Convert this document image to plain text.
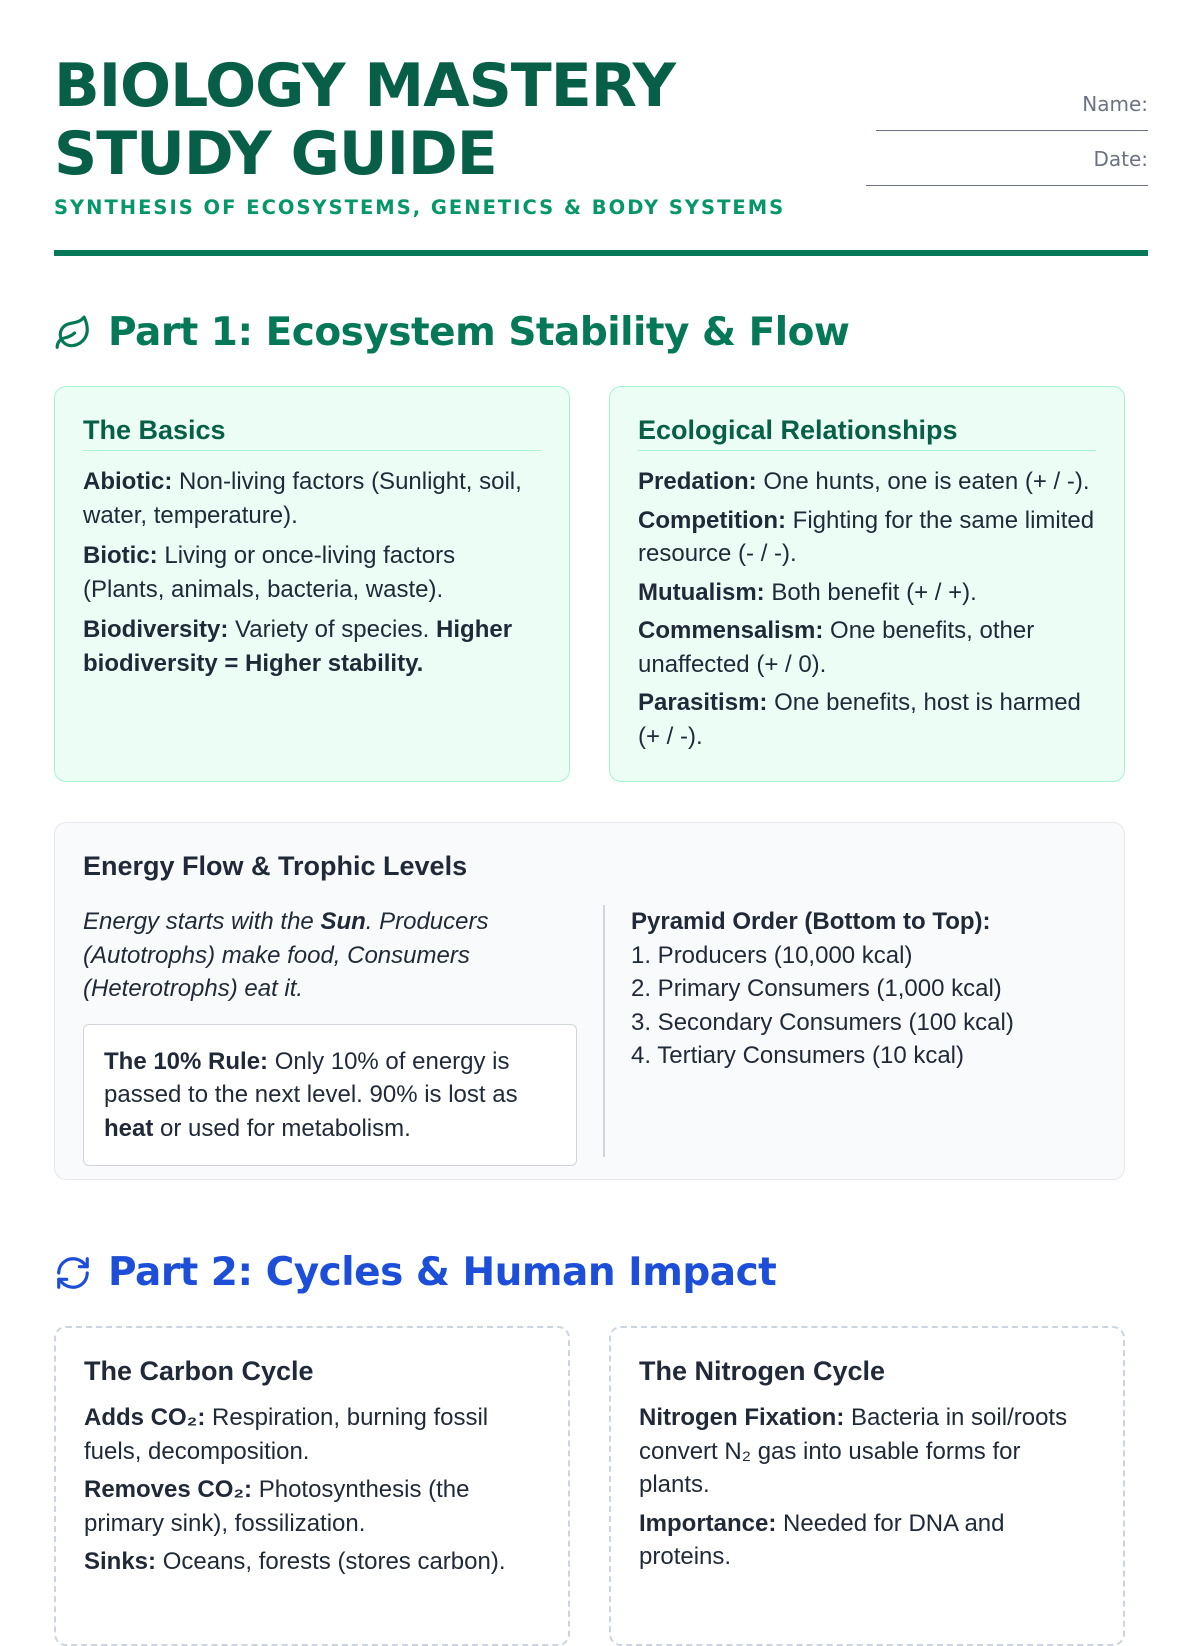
BIOLOGY MASTERY STUDY GUIDE

SYNTHESIS OF ECOSYSTEMS, GENETICS & BODY SYSTEMS

Name:
Date:
Part 1: Ecosystem Stability & Flow
The Basics

Abiotic: Non-living factors (Sunlight, soil, water, temperature).

Biotic: Living or once-living factors (Plants, animals, bacteria, waste).

Biodiversity: Variety of species. Higher biodiversity = Higher stability.

Ecological Relationships

Predation: One hunts, one is eaten (+ / -).

Competition: Fighting for the same limited resource (- / -).

Mutualism: Both benefit (+ / +).

Commensalism: One benefits, other unaffected (+ / 0).

Parasitism: One benefits, host is harmed (+ / -).

Energy Flow & Trophic Levels

Energy starts with the Sun. Producers (Autotrophs) make food, Consumers (Heterotrophs) eat it.

The 10% Rule: Only 10% of energy is passed to the next level. 90% is lost as heat or used for metabolism.

Pyramid Order (Bottom to Top):

1. Producers (10,000 kcal)
2. Primary Consumers (1,000 kcal)
3. Secondary Consumers (100 kcal)
4. Tertiary Consumers (10 kcal)
Part 2: Cycles & Human Impact
The Carbon Cycle

Adds CO₂: Respiration, burning fossil fuels, decomposition.

Removes CO₂: Photosynthesis (the primary sink), fossilization.

Sinks: Oceans, forests (stores carbon).

The Nitrogen Cycle

Nitrogen Fixation: Bacteria in soil/roots convert N₂ gas into usable forms for plants.

Importance: Needed for DNA and proteins.
